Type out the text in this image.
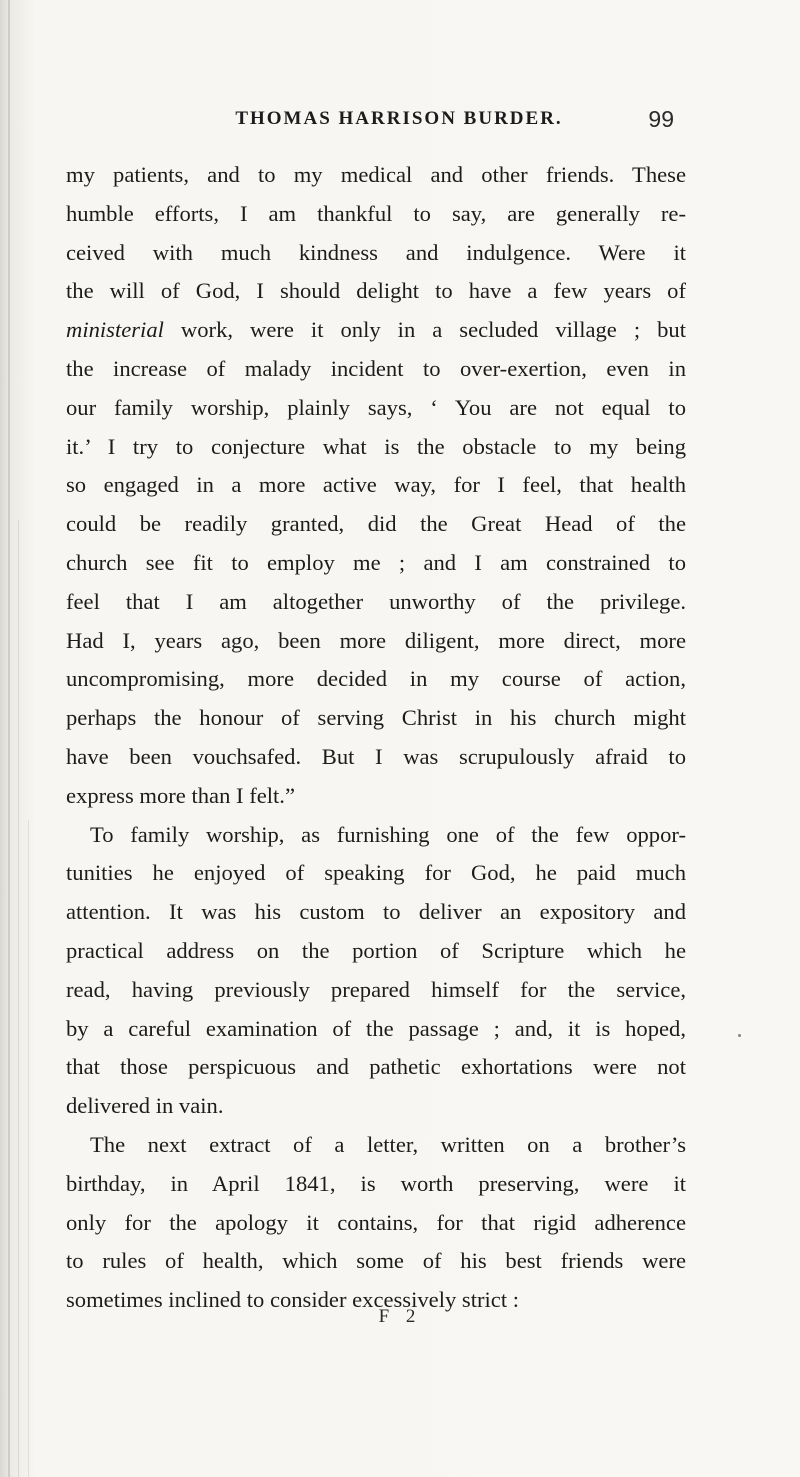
THOMAS HARRISON BURDER.	99
my patients, and to my medical and other friends. These
humble efforts, I am thankful to say, are generally re-
ceived with much kindness and indulgence. Were it
the will of God, I should delight to have a few years of
ministerial work, were it only in a secluded village ; but
the increase of malady incident to over-exertion, even in
our family worship, plainly says, ‘ You are not equal to
it.’ I try to conjecture what is the obstacle to my being
so engaged in a more active way, for I feel, that health
could be readily granted, did the Great Head of the
church see fit to employ me ; and I am constrained to
feel that I am altogether unworthy of the privilege.
Had I, years ago, been more diligent, more direct, more
uncompromising, more decided in my course of action,
perhaps the honour of serving Christ in his church might
have been vouchsafed. But I was scrupulously afraid to
express more than I felt.”
To family worship, as furnishing one of the few oppor-
tunities he enjoyed of speaking for God, he paid much
attention. It was his custom to deliver an expository and
practical address on the portion of Scripture which he
read, having previously prepared himself for the service,
by a careful examination of the passage ; and, it is hoped,
that those perspicuous and pathetic exhortations were not
delivered in vain.
The next extract of a letter, written on a brother’s
birthday, in April 1841, is worth preserving, were it
only for the apology it contains, for that rigid adherence
to rules of health, which some of his best friends were
sometimes inclined to consider excessively strict :
F 2
